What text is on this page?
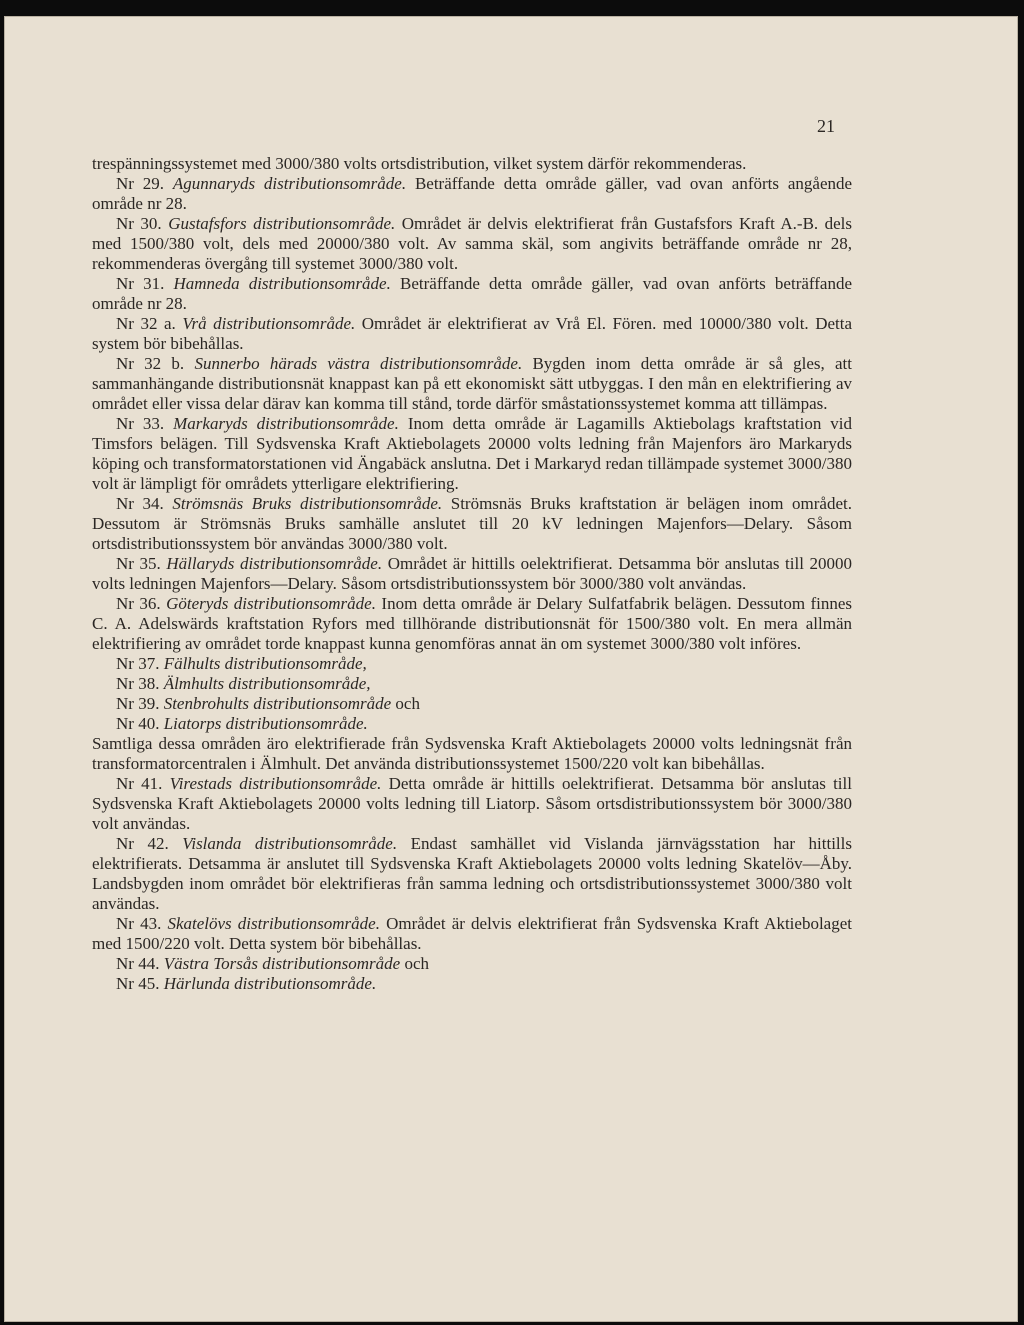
21

trespänningssystemet med 3000/380 volts ortsdistribution, vilket system därför rekommenderas.

Nr 29. Agunnaryds distributionsområde. Beträffande detta område gäller, vad ovan anförts angående område nr 28.

Nr 30. Gustafsfors distributionsområde. Området är delvis elektrifierat från Gustafsfors Kraft A.-B. dels med 1500/380 volt, dels med 20000/380 volt. Av samma skäl, som angivits beträffande område nr 28, rekommenderas övergång till systemet 3000/380 volt.

Nr 31. Hamneda distributionsområde. Beträffande detta område gäller, vad ovan anförts beträffande område nr 28.

Nr 32 a. Vrå distributionsområde. Området är elektrifierat av Vrå El. Fören. med 10000/380 volt. Detta system bör bibehållas.

Nr 32 b. Sunnerbo härads västra distributionsområde. Bygden inom detta område är så gles, att sammanhängande distributionsnät knappast kan på ett ekonomiskt sätt utbyggas. I den mån en elektrifiering av området eller vissa delar därav kan komma till stånd, torde därför småstationssystemet komma att tillämpas.

Nr 33. Markaryds distributionsområde. Inom detta område är Lagamills Aktiebolags kraftstation vid Timsfors belägen. Till Sydsvenska Kraft Aktiebolagets 20000 volts ledning från Majenfors äro Markaryds köping och transformatorstationen vid Ängabäck anslutna. Det i Markaryd redan tillämpade systemet 3000/380 volt är lämpligt för områdets ytterligare elektrifiering.

Nr 34. Strömsnäs Bruks distributionsområde. Strömsnäs Bruks kraftstation är belägen inom området. Dessutom är Strömsnäs Bruks samhälle anslutet till 20 kV ledningen Majenfors—Delary. Såsom ortsdistributionssystem bör användas 3000/380 volt.

Nr 35. Hällaryds distributionsområde. Området är hittills oelektrifierat. Detsamma bör anslutas till 20000 volts ledningen Majenfors—Delary. Såsom ortsdistributionssystem bör 3000/380 volt användas.

Nr 36. Göteryds distributionsområde. Inom detta område är Delary Sulfatfabrik belägen. Dessutom finnes C. A. Adelswärds kraftstation Ryfors med tillhörande distributionsnät för 1500/380 volt. En mera allmän elektrifiering av området torde knappast kunna genomföras annat än om systemet 3000/380 volt införes.

Nr 37. Fälhults distributionsområde,

Nr 38. Älmhults distributionsområde,

Nr 39. Stenbrohults distributionsområde och

Nr 40. Liatorps distributionsområde.

Samtliga dessa områden äro elektrifierade från Sydsvenska Kraft Aktiebolagets 20000 volts ledningsnät från transformatorcentralen i Älmhult. Det använda distributionssystemet 1500/220 volt kan bibehållas.

Nr 41. Virestads distributionsområde. Detta område är hittills oelektrifierat. Detsamma bör anslutas till Sydsvenska Kraft Aktiebolagets 20000 volts ledning till Liatorp. Såsom ortsdistributionssystem bör 3000/380 volt användas.

Nr 42. Vislanda distributionsområde. Endast samhället vid Vislanda järnvägsstation har hittills elektrifierats. Detsamma är anslutet till Sydsvenska Kraft Aktiebolagets 20000 volts ledning Skatelöv—Åby. Landsbygden inom området bör elektrifieras från samma ledning och ortsdistributionssystemet 3000/380 volt användas.

Nr 43. Skatelövs distributionsområde. Området är delvis elektrifierat från Sydsvenska Kraft Aktiebolaget med 1500/220 volt. Detta system bör bibehållas.

Nr 44. Västra Torsås distributionsområde och

Nr 45. Härlunda distributionsområde.
